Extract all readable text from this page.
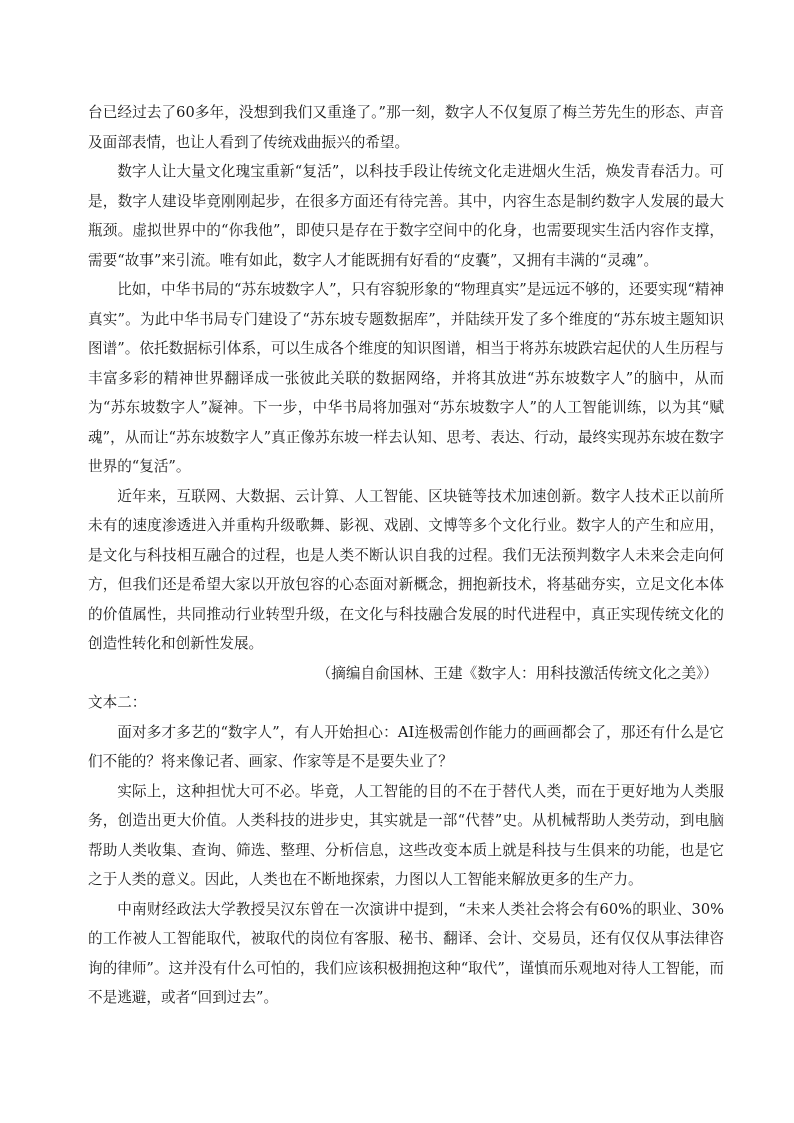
台已经过去了60多年，没想到我们又重逢了。”那一刻，数字人不仅复原了梅兰芳先生的形态、声音及面部表情，也让人看到了传统戏曲振兴的希望。

数字人让大量文化瑰宝重新“复活”，以科技手段让传统文化走进烟火生活，焕发青春活力。可是，数字人建设毕竟刚刚起步，在很多方面还有待完善。其中，内容生态是制约数字人发展的最大瓶颈。虚拟世界中的“你我他”，即使只是存在于数字空间中的化身，也需要现实生活内容作支撑，需要“故事”来引流。唯有如此，数字人才能既拥有好看的“皮囊”，又拥有丰满的“灵魂”。

比如，中华书局的“苏东坡数字人”，只有容貌形象的“物理真实”是远远不够的，还要实现“精神真实”。为此中华书局专门建设了“苏东坡专题数据库”，并陆续开发了多个维度的“苏东坡主题知识图谱”。依托数据标引体系，可以生成各个维度的知识图谱，相当于将苏东坡跌宕起伏的人生历程与丰富多彩的精神世界翻译成一张彼此关联的数据网络，并将其放进“苏东坡数字人”的脑中，从而为“苏东坡数字人”凝神。下一步，中华书局将加强对“苏东坡数字人”的人工智能训练，以为其“赋魂”，从而让“苏东坡数字人”真正像苏东坡一样去认知、思考、表达、行动，最终实现苏东坡在数字世界的“复活”。

近年来，互联网、大数据、云计算、人工智能、区块链等技术加速创新。数字人技术正以前所未有的速度渗透进入并重构升级歌舞、影视、戏剧、文博等多个文化行业。数字人的产生和应用，是文化与科技相互融合的过程，也是人类不断认识自我的过程。我们无法预判数字人未来会走向何方，但我们还是希望大家以开放包容的心态面对新概念，拥抱新技术，将基础夯实，立足文化本体的价值属性，共同推动行业转型升级，在文化与科技融合发展的时代进程中，真正实现传统文化的创造性转化和创新性发展。

（摘编自俞国林、王建《数字人：用科技激活传统文化之美》）

文本二：

面对多才多艺的“数字人”，有人开始担心：AI连极需创作能力的画画都会了，那还有什么是它们不能的？将来像记者、画家、作家等是不是要失业了？

实际上，这种担忧大可不必。毕竟，人工智能的目的不在于替代人类，而在于更好地为人类服务，创造出更大价值。人类科技的进步史，其实就是一部“代替”史。从机械帮助人类劳动，到电脑帮助人类收集、查询、筛选、整理、分析信息，这些改变本质上就是科技与生俱来的功能，也是它之于人类的意义。因此，人类也在不断地探索，力图以人工智能来解放更多的生产力。

中南财经政法大学教授吴汉东曾在一次演讲中提到，“未来人类社会将会有60%的职业、30%的工作被人工智能取代，被取代的岗位有客服、秘书、翻译、会计、交易员，还有仅仅从事法律咨询的律师”。这并没有什么可怕的，我们应该积极拥抱这种“取代”，谨慎而乐观地对待人工智能，而不是逃避，或者“回到过去”。
